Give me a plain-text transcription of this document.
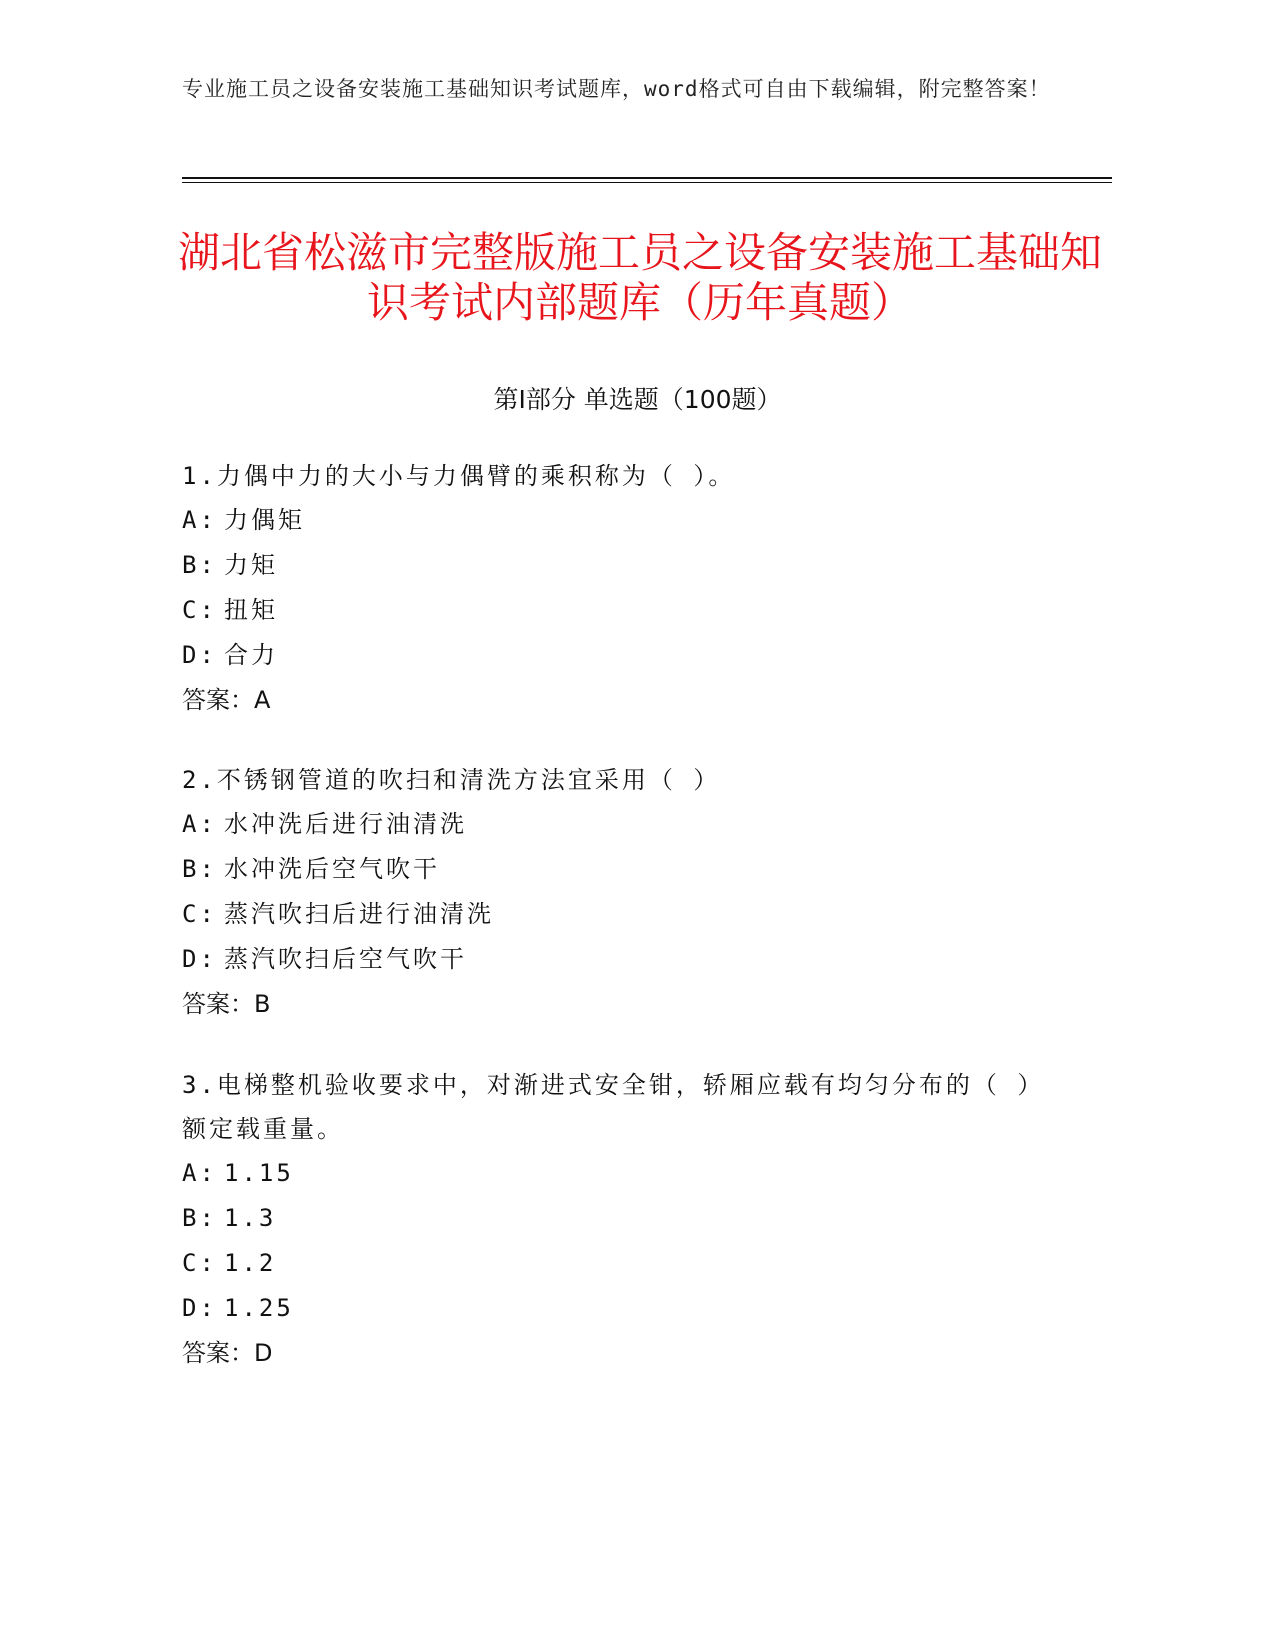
专业施工员之设备安装施工基础知识考试题库，word格式可自由下载编辑，附完整答案！
湖北省松滋市完整版施工员之设备安装施工基础知识考试内部题库（历年真题）
第Ⅰ部分 单选题（100题）
1.力偶中力的大小与力偶臂的乘积称为（ ）。
A: 力偶矩
B: 力矩
C: 扭矩
D: 合力
答案：A
2.不锈钢管道的吹扫和清洗方法宜采用（ ）
A: 水冲洗后进行油清洗
B: 水冲洗后空气吹干
C: 蒸汽吹扫后进行油清洗
D: 蒸汽吹扫后空气吹干
答案：B
3.电梯整机验收要求中，对渐进式安全钳，轿厢应载有均匀分布的（ ）额定载重量。
A: 1.15
B: 1.3
C: 1.2
D: 1.25
答案：D
